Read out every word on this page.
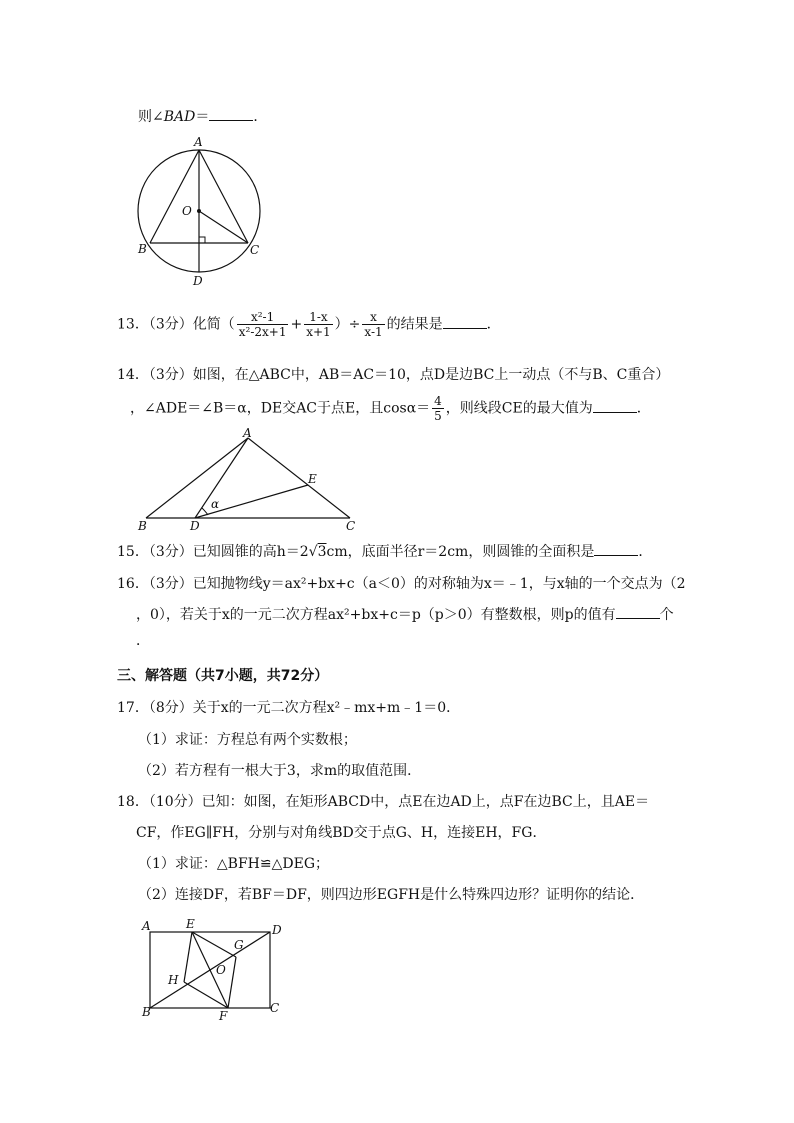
则∠BAD＝	．
A
O
B	C
D
13．（3分）化简（ $\frac{\text{x²-1}}{\text{x²-2x+1}} + \frac{1-x}{x+1}$ ）÷ $\frac{x}{x-1}$ 的结果是	．
14．（3分）如图，在△ABC中，AB＝AC＝10，点D是边BC上一动点（不与B、C重合）
，∠ADE＝∠B＝α，DE交AC于点E，且$\cos\alpha= \frac{4}{5}$ ，则线段CE的最大值为	．
A
E
α
B	D	C
15．（3分）已知圆锥的高h＝2√3cm，底面半径r＝2cm，则圆锥的全面积是	．
16．（3分）已知抛物线y＝ax²+bx+c（a＜0）的对称轴为x＝﹣1，与x轴的一个交点为（2
，0），若关于x的一元二次方程ax²+bx+c＝p（p＞0）有整数根，则p的值有	个
．
三、解答题（共7小题，共72分）
17．（8分）关于x的一元二次方程x²﹣mx+m﹣1＝0．
（1）求证：方程总有两个实数根；
（2）若方程有一根大于3，求m的取值范围．
18．（10分）已知：如图，在矩形ABCD中，点E在边AD上，点F在边BC上，且AE＝
CF，作EG∥FH，分别与对角线BD交于点G、H，连接EH，FG．
（1）求证：△BFH≌△DEG；
（2）连接DF，若BF＝DF，则四边形EGFH是什么特殊四边形？证明你的结论．
A	E	D
G
O
H
B	F
C
